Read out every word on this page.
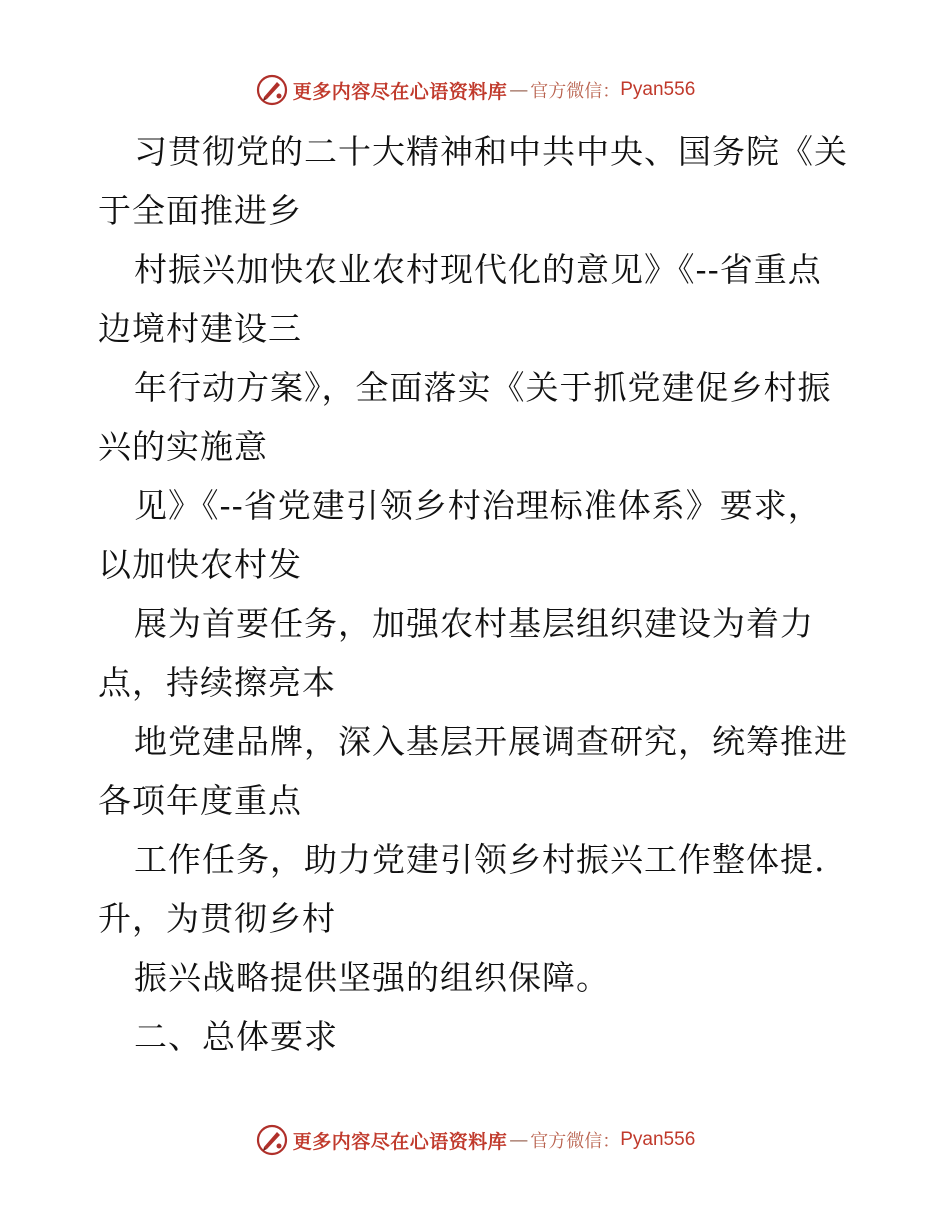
更多内容尽在心语资料库 — 官方微信： Pyan556
习贯彻党的二十大精神和中共中央、国务院《关
于全面推进乡
村振兴加快农业农村现代化的意见》《--省重点
边境村建设三
年行动方案》，全面落实《关于抓党建促乡村振
兴的实施意
见》《--省党建引领乡村治理标准体系》要求，
以加快农村发
展为首要任务，加强农村基层组织建设为着力
点，持续擦亮本
地党建品牌，深入基层开展调查研究，统筹推进
各项年度重点
工作任务，助力党建引领乡村振兴工作整体提.
升，为贯彻乡村
振兴战略提供坚强的组织保障。
二、总体要求
更多内容尽在心语资料库 — 官方微信： Pyan556
